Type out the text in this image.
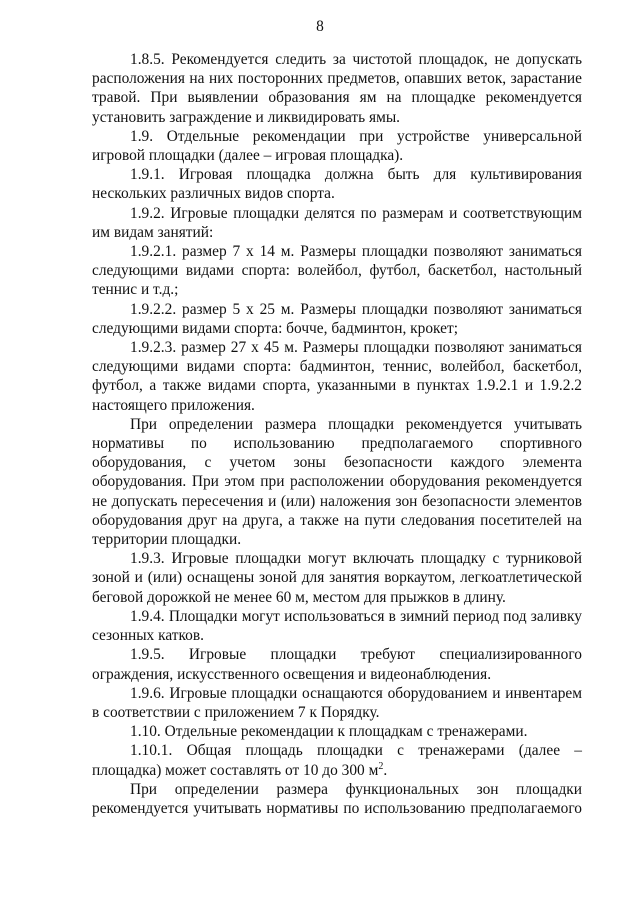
8

1.8.5. Рекомендуется следить за чистотой площадок, не допускать расположения на них посторонних предметов, опавших веток, зарастание травой. При выявлении образования ям на площадке рекомендуется установить заграждение и ликвидировать ямы.

1.9. Отдельные рекомендации при устройстве универсальной игровой площадки (далее – игровая площадка).

1.9.1. Игровая площадка должна быть для культивирования нескольких различных видов спорта.

1.9.2. Игровые площадки делятся по размерам и соответствующим им видам занятий:

1.9.2.1. размер 7 x 14 м. Размеры площадки позволяют заниматься следующими видами спорта: волейбол, футбол, баскетбол, настольный теннис и т.д.;

1.9.2.2. размер 5 x 25 м. Размеры площадки позволяют заниматься следующими видами спорта: бочче, бадминтон, крокет;

1.9.2.3. размер 27 x 45 м. Размеры площадки позволяют заниматься следующими видами спорта: бадминтон, теннис, волейбол, баскетбол, футбол, а также видами спорта, указанными в пунктах 1.9.2.1 и 1.9.2.2 настоящего приложения.

При определении размера площадки рекомендуется учитывать нормативы по использованию предполагаемого спортивного оборудования, с учетом зоны безопасности каждого элемента оборудования. При этом при расположении оборудования рекомендуется не допускать пересечения и (или) наложения зон безопасности элементов оборудования друг на друга, а также на пути следования посетителей на территории площадки.

1.9.3. Игровые площадки могут включать площадку с турниковой зоной и (или) оснащены зоной для занятия воркаутом, легкоатлетической беговой дорожкой не менее 60 м, местом для прыжков в длину.

1.9.4. Площадки могут использоваться в зимний период под заливку сезонных катков.

1.9.5. Игровые площадки требуют специализированного ограждения, искусственного освещения и видеонаблюдения.

1.9.6. Игровые площадки оснащаются оборудованием и инвентарем в соответствии с приложением 7 к Порядку.

1.10. Отдельные рекомендации к площадкам с тренажерами.

1.10.1. Общая площадь площадки с тренажерами (далее – площадка) может составлять от 10 до 300 $м^2$.

При определении размера функциональных зон площадки рекомендуется учитывать нормативы по использованию предполагаемого
